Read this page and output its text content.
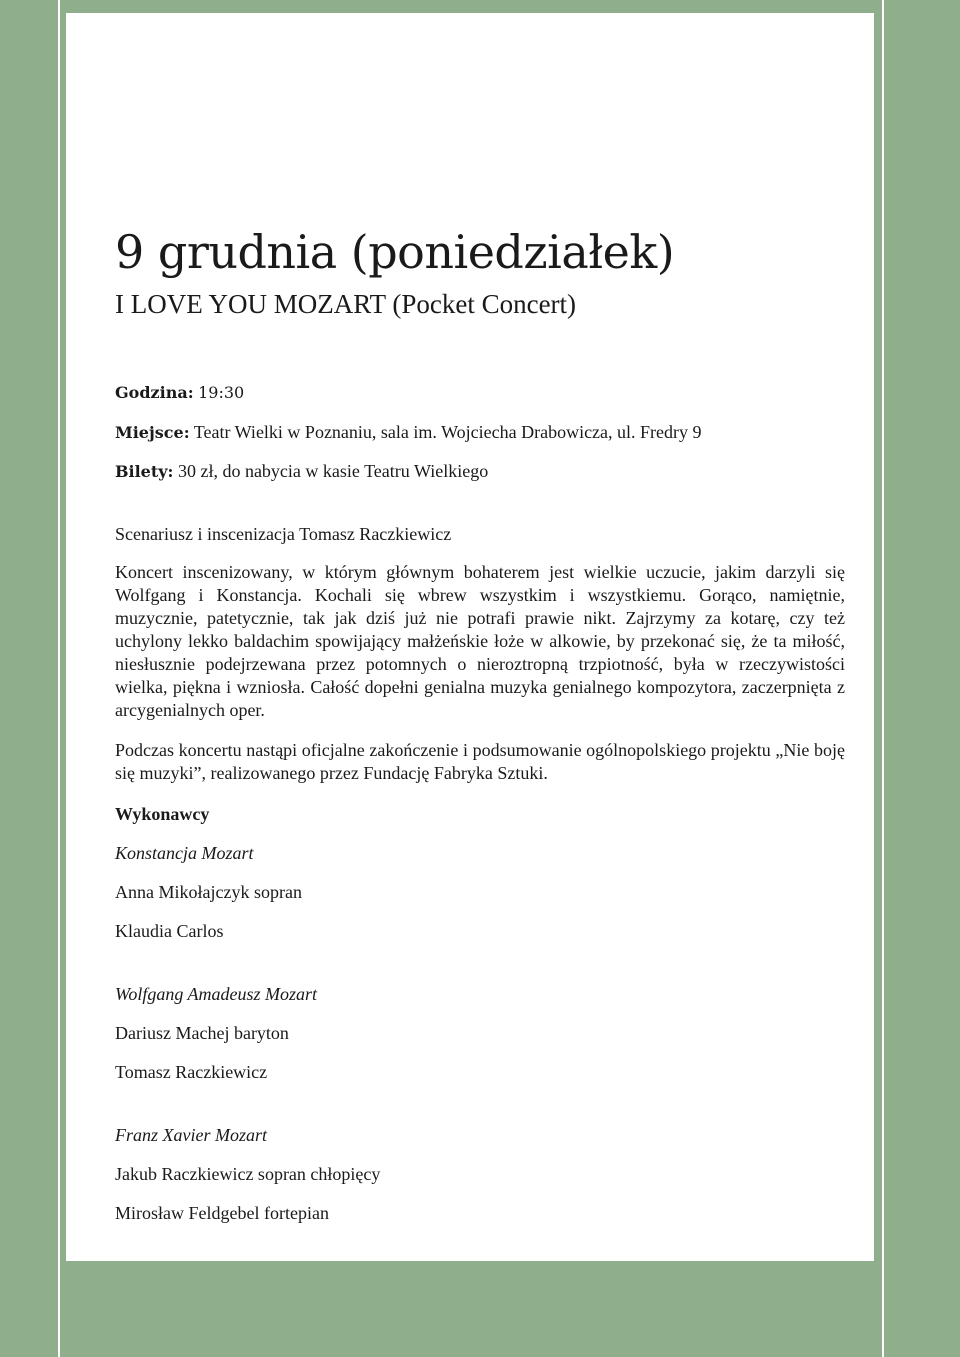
9 grudnia (poniedziałek)
I LOVE YOU MOZART (Pocket Concert)
Godzina: 19:30
Miejsce: Teatr Wielki w Poznaniu, sala im. Wojciecha Drabowicza, ul. Fredry 9
Bilety: 30 zł, do nabycia w kasie Teatru Wielkiego
Scenariusz i inscenizacja Tomasz Raczkiewicz

Koncert inscenizowany, w którym głównym bohaterem jest wielkie uczucie, jakim darzyli się Wolfgang i Konstancja. Kochali się wbrew wszystkim i wszystkiemu. Gorąco, namiętnie, muzycznie, patetycznie, tak jak dziś już nie potrafi prawie nikt. Zajrzymy za kotarę, czy też uchylony lekko baldachim spowijający małżeńskie łoże w alkowie, by przekonać się, że ta miłość, niesłusznie podejrzewana przez potomnych o nieroztropną trzpiotność, była w rzeczywistości wielka, piękna i wzniosła. Całość dopełni genialna muzyka genialnego kompozytora, zaczerpnięta z arcygenialnych oper.

Podczas koncertu nastąpi oficjalne zakończenie i podsumowanie ogólnopolskiego projektu „Nie boję się muzyki”, realizowanego przez Fundację Fabryka Sztuki.

Wykonawcy
Konstancja Mozart
Anna Mikołajczyk sopran
Klaudia Carlos
Wolfgang Amadeusz Mozart
Dariusz Machej baryton
Tomasz Raczkiewicz
Franz Xavier Mozart
Jakub Raczkiewicz sopran chłopięcy
Mirosław Feldgebel fortepian
